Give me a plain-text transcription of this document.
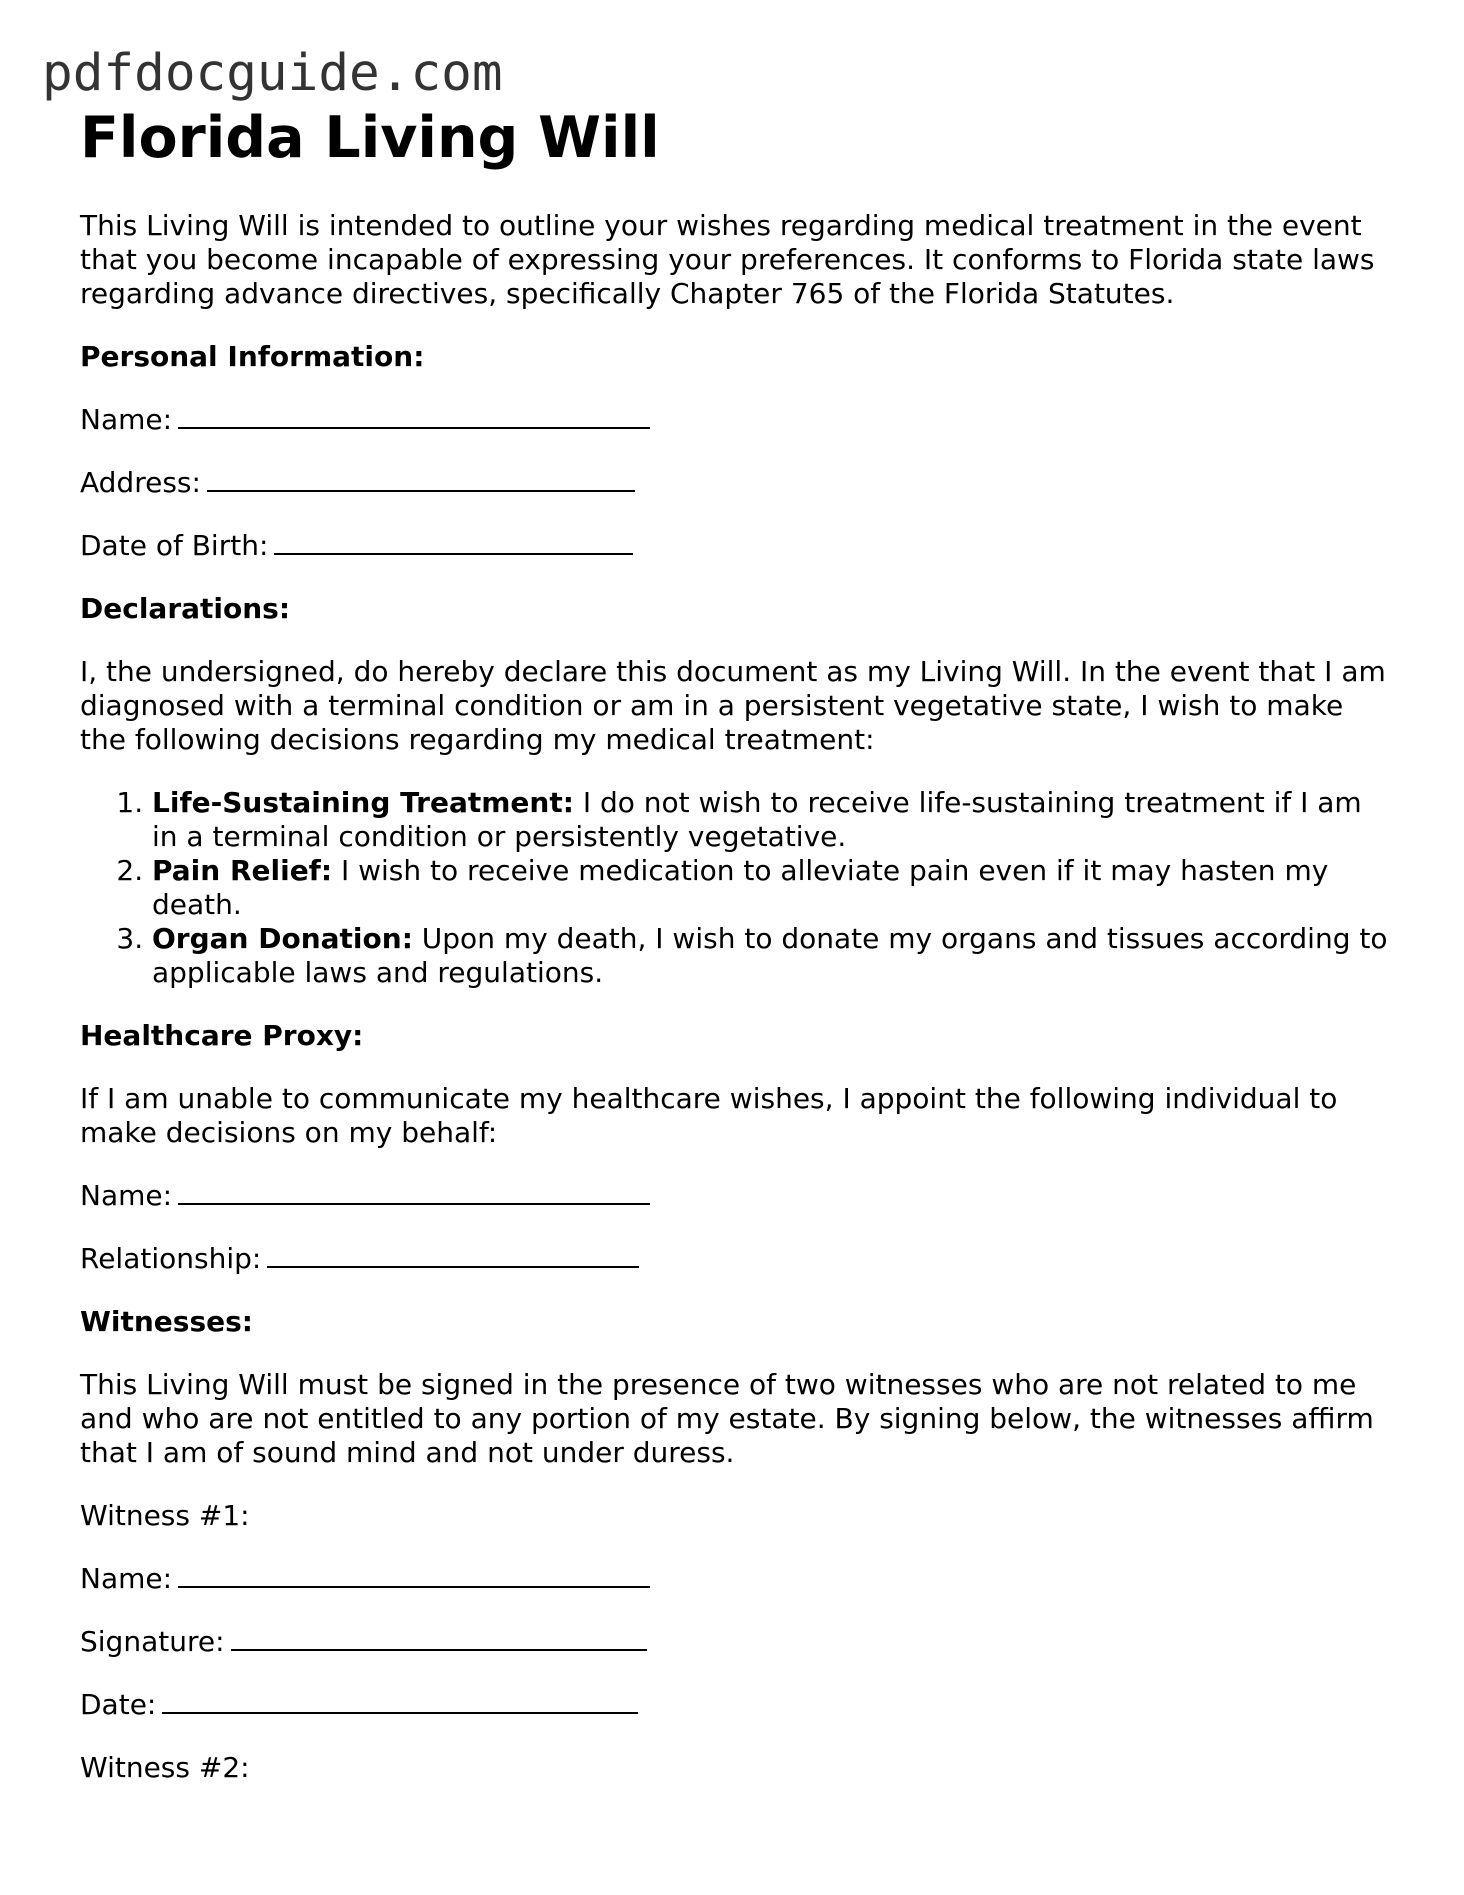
pdfdocguide.com
Florida Living Will

This Living Will is intended to outline your wishes regarding medical treatment in the event that you become incapable of expressing your preferences. It conforms to Florida state laws regarding advance directives, specifically Chapter 765 of the Florida Statutes.

Personal Information:

Name:

Address:

Date of Birth:

Declarations:

I, the undersigned, do hereby declare this document as my Living Will. In the event that I am diagnosed with a terminal condition or am in a persistent vegetative state, I wish to make the following decisions regarding my medical treatment:

1. Life-Sustaining Treatment: I do not wish to receive life-sustaining treatment if I am in a terminal condition or persistently vegetative.
2. Pain Relief: I wish to receive medication to alleviate pain even if it may hasten my death.
3. Organ Donation: Upon my death, I wish to donate my organs and tissues according to applicable laws and regulations.

Healthcare Proxy:

If I am unable to communicate my healthcare wishes, I appoint the following individual to make decisions on my behalf:

Name:

Relationship:

Witnesses:

This Living Will must be signed in the presence of two witnesses who are not related to me and who are not entitled to any portion of my estate. By signing below, the witnesses affirm that I am of sound mind and not under duress.

Witness #1:

Name:

Signature:

Date:

Witness #2:
